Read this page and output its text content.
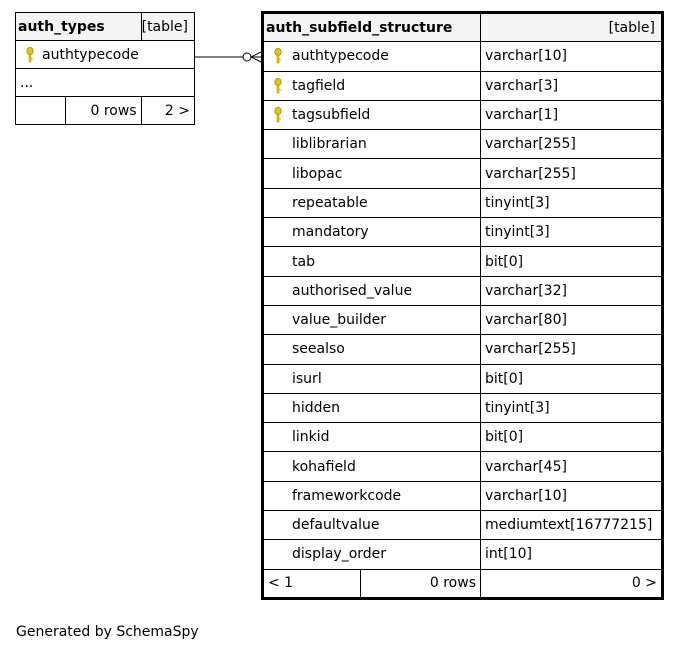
auth_types		[table]

authtypecode		
...		
	0 rows	2 >
auth_subfield_structure		[table]

authtypecode		varchar[10]

tagfield		varchar[3]

tagsubfield		varchar[1]
liblibrarian		varchar[255]
libopac		varchar[255]
repeatable		tinyint[3]
mandatory		tinyint[3]
tab		bit[0]
authorised_value		varchar[32]
value_builder		varchar[80]
seealso		varchar[255]
isurl		bit[0]
hidden		tinyint[3]
linkid		bit[0]
kohafield		varchar[45]
frameworkcode		varchar[10]
defaultvalue		mediumtext[16777215]
display_order		int[10]
< 1	0 rows	0 >
Generated by SchemaSpy
